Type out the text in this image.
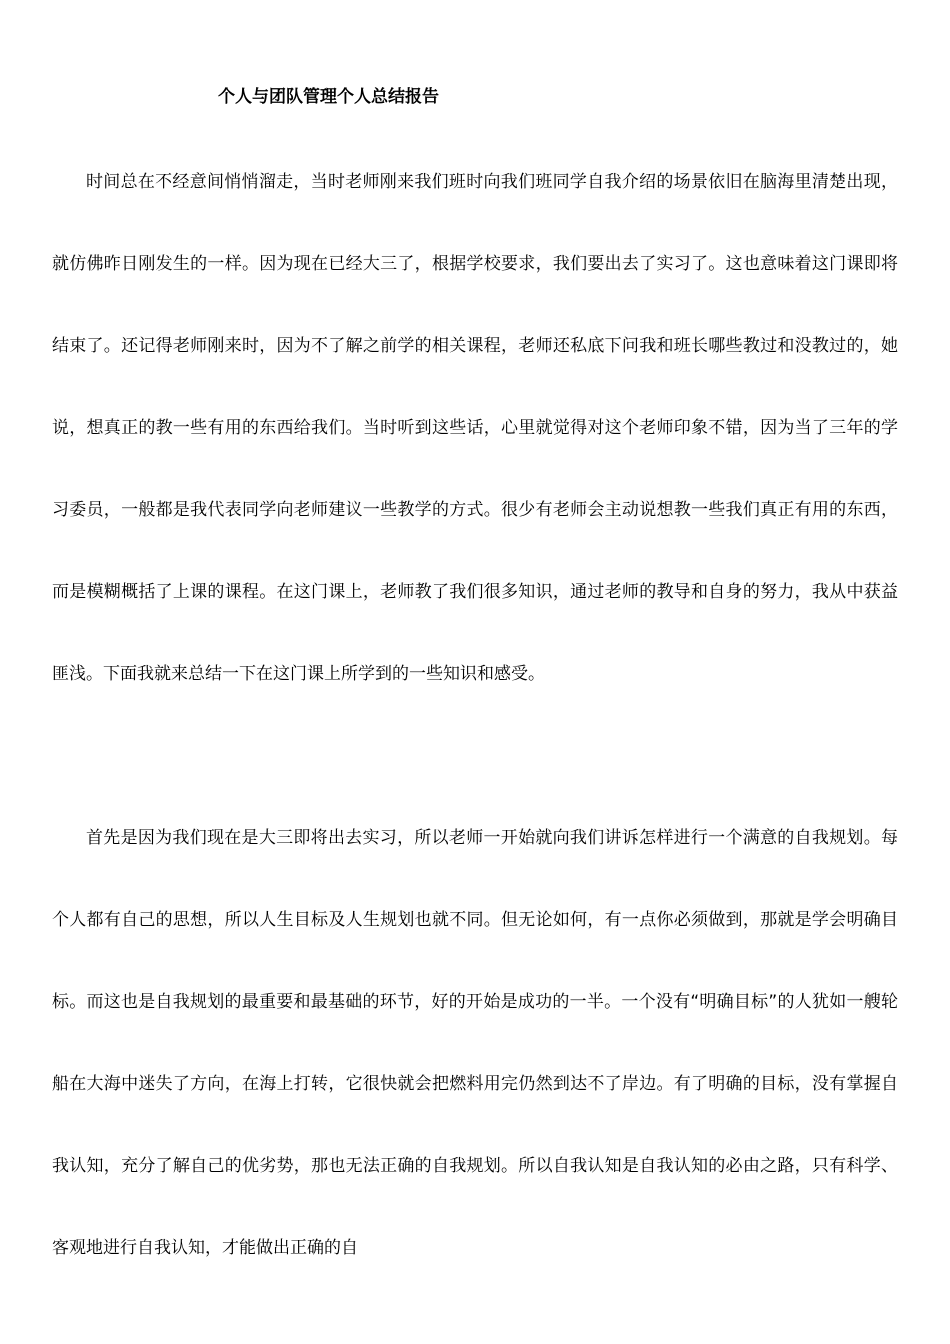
个人与团队管理个人总结报告

时间总在不经意间悄悄溜走，当时老师刚来我们班时向我们班同学自我介绍的场景依旧在脑海里清楚出现，就仿佛昨日刚发生的一样。因为现在已经大三了，根据学校要求，我们要出去了实习了。这也意味着这门课即将结束了。还记得老师刚来时，因为不了解之前学的相关课程，老师还私底下问我和班长哪些教过和没教过的，她说，想真正的教一些有用的东西给我们。当时听到这些话，心里就觉得对这个老师印象不错，因为当了三年的学习委员，一般都是我代表同学向老师建议一些教学的方式。很少有老师会主动说想教一些我们真正有用的东西，而是模糊概括了上课的课程。在这门课上，老师教了我们很多知识，通过老师的教导和自身的努力，我从中获益匪浅。下面我就来总结一下在这门课上所学到的一些知识和感受。

首先是因为我们现在是大三即将出去实习，所以老师一开始就向我们讲诉怎样进行一个满意的自我规划。每个人都有自己的思想，所以人生目标及人生规划也就不同。但无论如何，有一点你必须做到，那就是学会明确目标。而这也是自我规划的最重要和最基础的环节，好的开始是成功的一半。一个没有“明确目标”的人犹如一艘轮船在大海中迷失了方向，在海上打转，它很快就会把燃料用完仍然到达不了岸边。有了明确的目标，没有掌握自我认知，充分了解自己的优劣势，那也无法正确的自我规划。所以自我认知是自我认知的必由之路，只有科学、客观地进行自我认知，才能做出正确的自
